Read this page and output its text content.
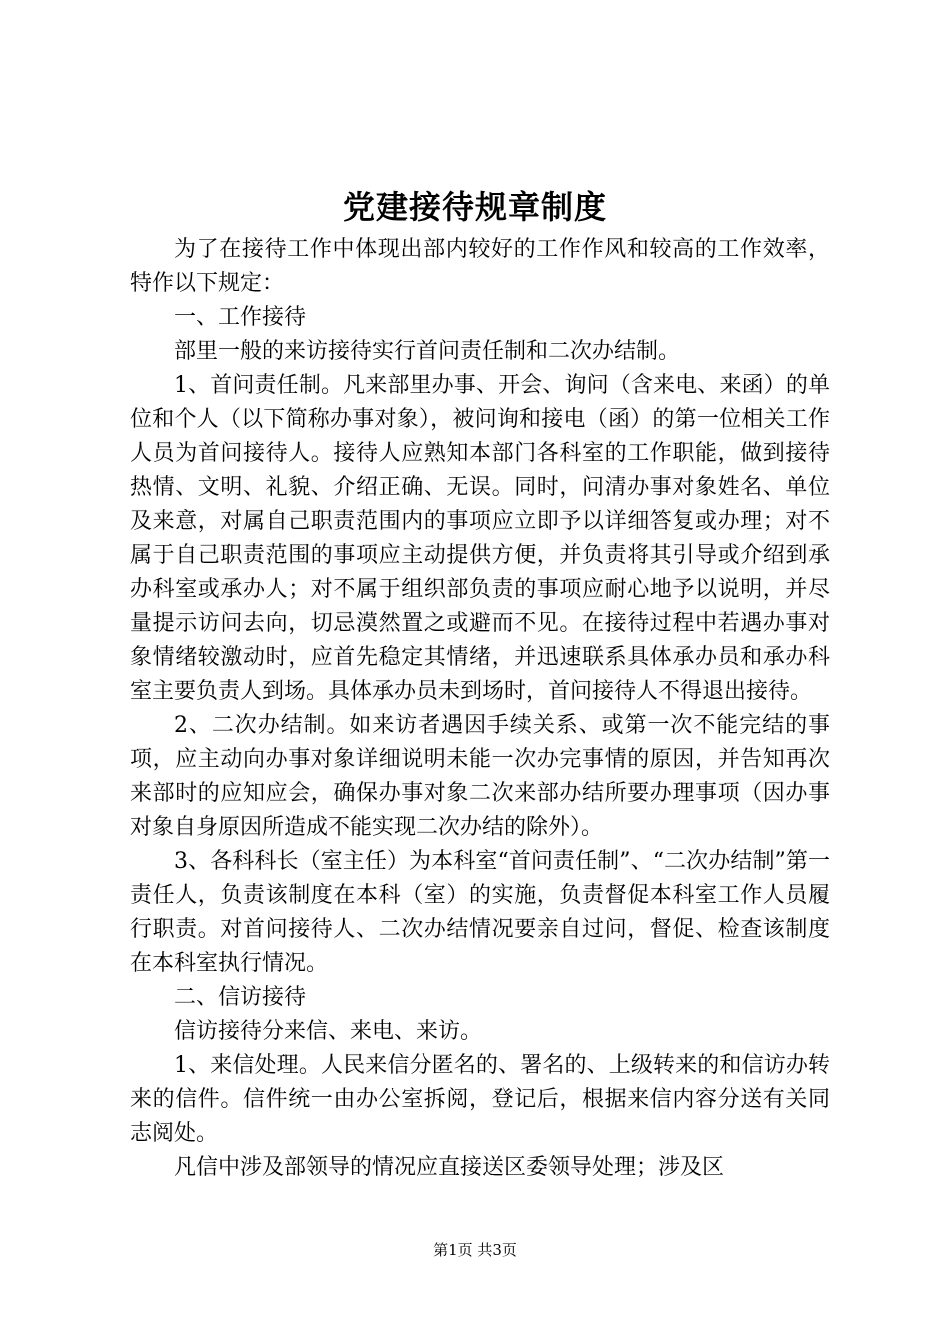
党建接待规章制度

为了在接待工作中体现出部内较好的工作作风和较高的工作效率，特作以下规定：

一、工作接待

部里一般的来访接待实行首问责任制和二次办结制。

1、首问责任制。凡来部里办事、开会、询问（含来电、来函）的单位和个人（以下简称办事对象），被问询和接电（函）的第一位相关工作人员为首问接待人。接待人应熟知本部门各科室的工作职能，做到接待热情、文明、礼貌、介绍正确、无误。同时，问清办事对象姓名、单位及来意，对属自己职责范围内的事项应立即予以详细答复或办理；对不属于自己职责范围的事项应主动提供方便，并负责将其引导或介绍到承办科室或承办人；对不属于组织部负责的事项应耐心地予以说明，并尽量提示访问去向，切忌漠然置之或避而不见。在接待过程中若遇办事对象情绪较激动时，应首先稳定其情绪，并迅速联系具体承办员和承办科室主要负责人到场。具体承办员未到场时，首问接待人不得退出接待。

2、二次办结制。如来访者遇因手续关系、或第一次不能完结的事项，应主动向办事对象详细说明未能一次办完事情的原因，并告知再次来部时的应知应会，确保办事对象二次来部办结所要办理事项（因办事对象自身原因所造成不能实现二次办结的除外）。

3、各科科长（室主任）为本科室“首问责任制”、“二次办结制”第一责任人，负责该制度在本科（室）的实施，负责督促本科室工作人员履行职责。对首问接待人、二次办结情况要亲自过问，督促、检查该制度在本科室执行情况。

二、信访接待

信访接待分来信、来电、来访。

1、来信处理。人民来信分匿名的、署名的、上级转来的和信访办转来的信件。信件统一由办公室拆阅，登记后，根据来信内容分送有关同志阅处。

凡信中涉及部领导的情况应直接送区委领导处理；涉及区

第1页 共3页
